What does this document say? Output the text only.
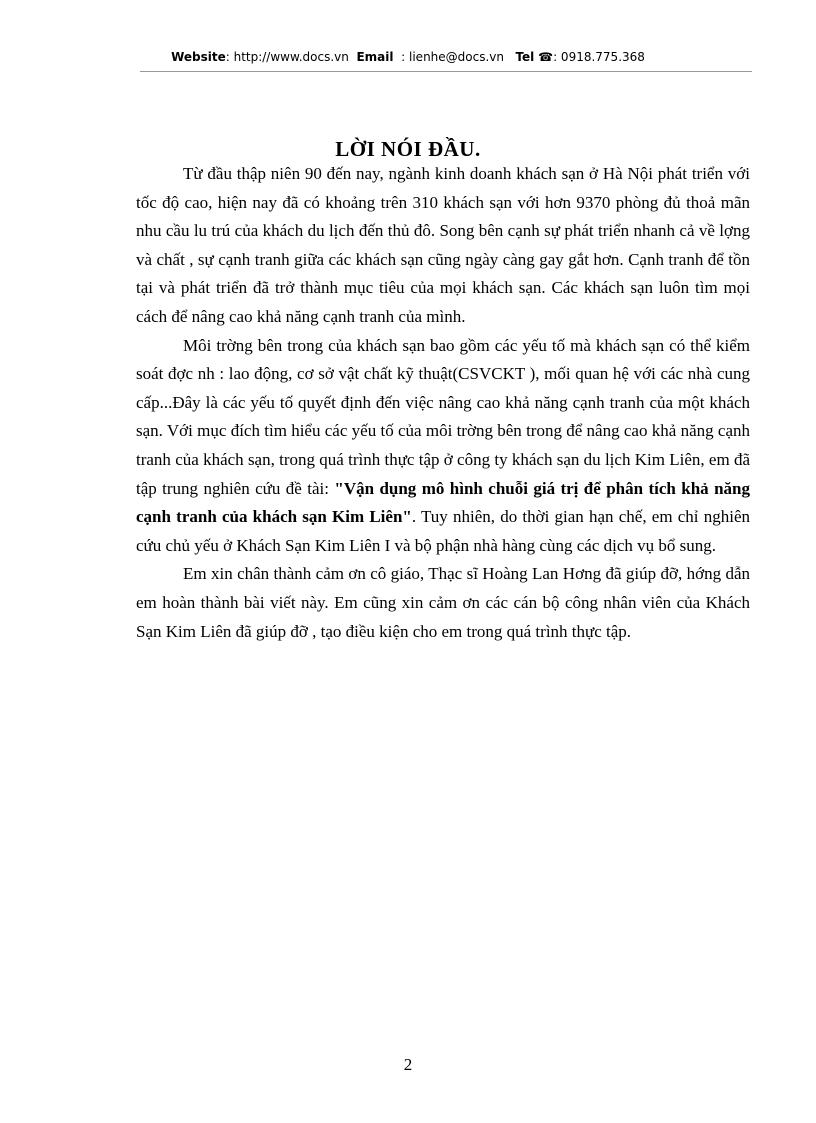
Website: http://www.docs.vn Email : lienhe@docs.vn Tel ☎: 0918.775.368
LỜI NÓI ĐẦU.

Từ đầu thập niên 90 đến nay, ngành kinh doanh khách sạn ở Hà Nội phát triển với tốc độ cao, hiện nay đã có khoảng trên 310 khách sạn với hơn 9370 phòng đủ thoả mãn nhu cầu lu trú của khách du lịch đến thủ đô. Song bên cạnh sự phát triển nhanh cả về lợng và chất , sự cạnh tranh giữa các khách sạn cũng ngày càng gay gắt hơn. Cạnh tranh để tồn tại và phát triển đã trở thành mục tiêu của mọi khách sạn. Các khách sạn luôn tìm mọi cách để nâng cao khả năng cạnh tranh của mình.

Môi trờng bên trong của khách sạn bao gồm các yếu tố mà khách sạn có thể kiểm soát đợc nh : lao động, cơ sở vật chất kỹ thuật(CSVCKT ), mối quan hệ với các nhà cung cấp...Đây là các yếu tố quyết định đến việc nâng cao khả năng cạnh tranh của một khách sạn. Với mục đích tìm hiểu các yếu tố của môi trờng bên trong để nâng cao khả năng cạnh tranh của khách sạn, trong quá trình thực tập ở công ty khách sạn du lịch Kim Liên, em đã tập trung nghiên cứu đề tài: "Vận dụng mô hình chuỗi giá trị để phân tích khả năng cạnh tranh của khách sạn Kim Liên". Tuy nhiên, do thời gian hạn chế, em chỉ nghiên cứu chủ yếu ở Khách Sạn Kim Liên I và bộ phận nhà hàng cùng các dịch vụ bổ sung.

Em xin chân thành cảm ơn cô giáo, Thạc sĩ Hoàng Lan Hơng đã giúp đỡ, hớng dẫn em hoàn thành bài viết này. Em cũng xin cảm ơn các cán bộ công nhân viên của Khách Sạn Kim Liên đã giúp đỡ , tạo điều kiện cho em trong quá trình thực tập.

2
